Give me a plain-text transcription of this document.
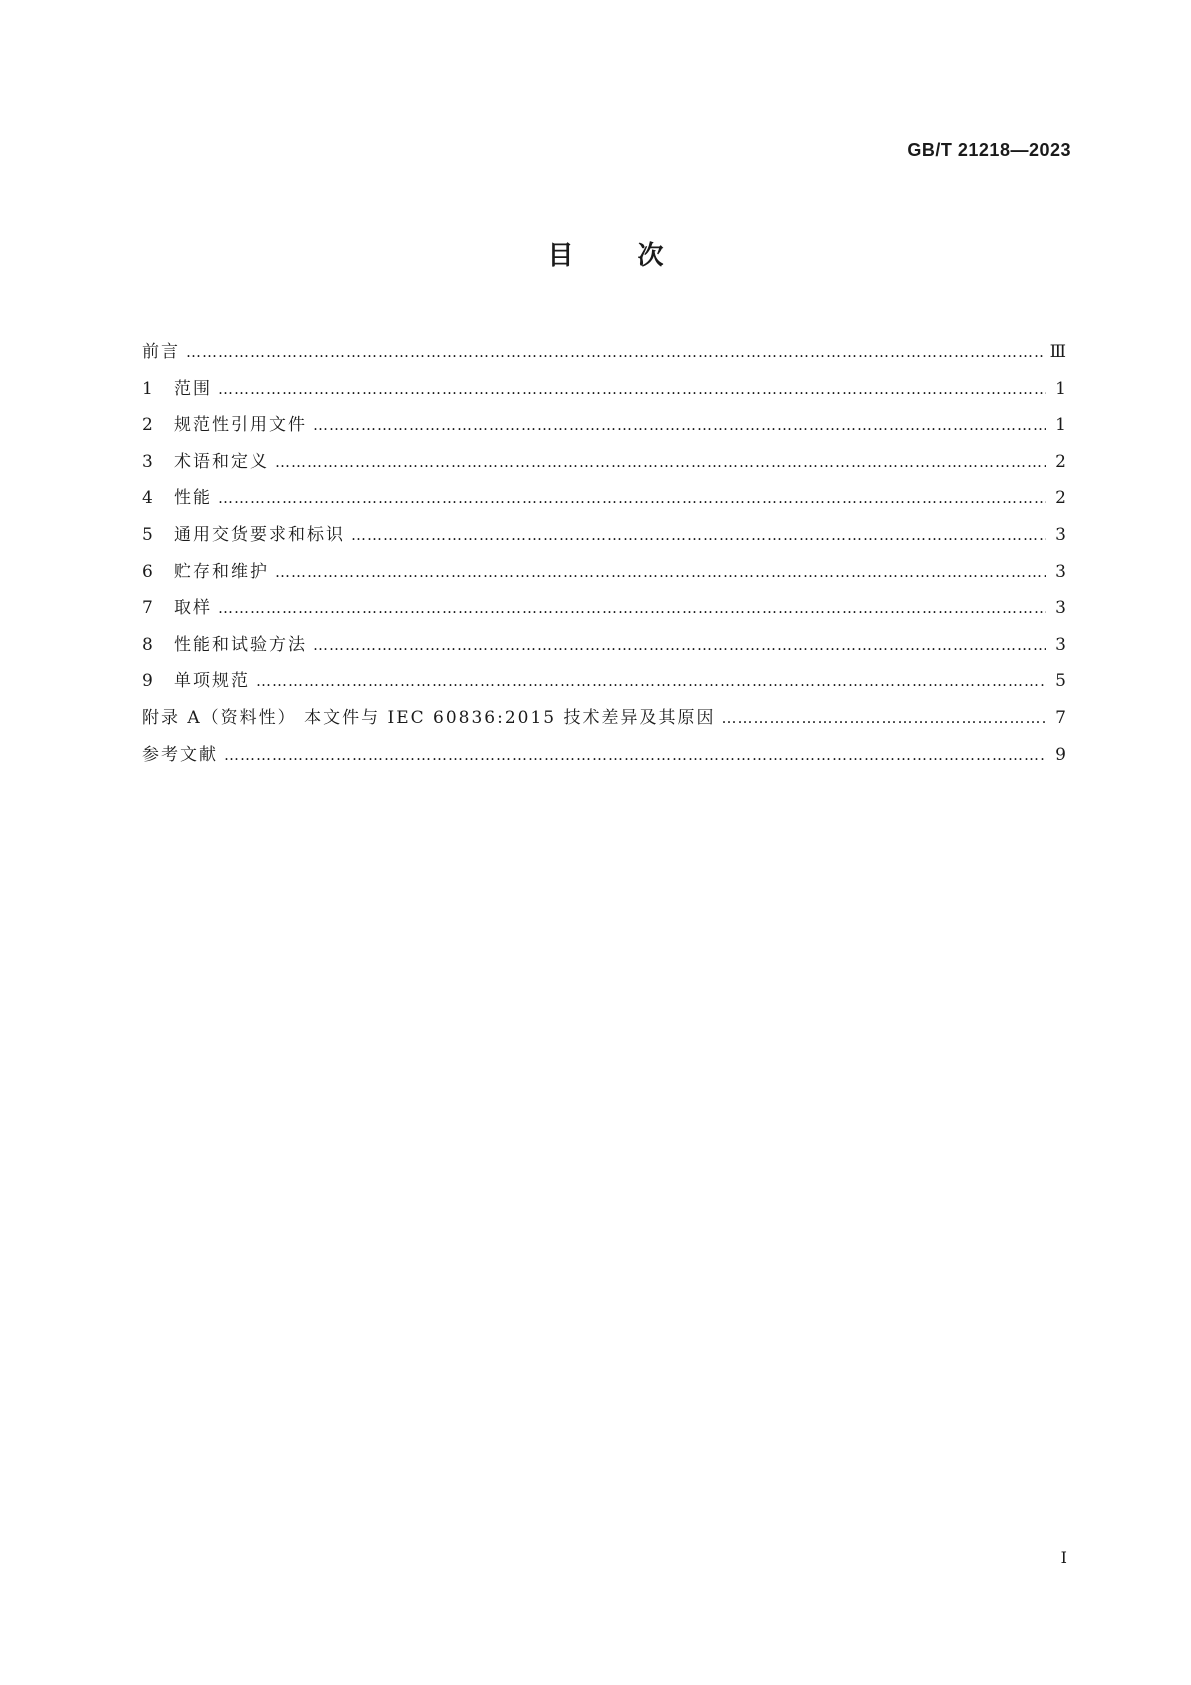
GB/T 21218—2023
目次
前言 …………………………………………………………………………………………………………………………………………………………………………	Ⅲ
1	范围 …………………………………………………………………………………………………………………………………………………………………………	1
2	规范性引用文件 …………………………………………………………………………………………………………………………………………………………………………	1
3	术语和定义 …………………………………………………………………………………………………………………………………………………………………………	2
4	性能 …………………………………………………………………………………………………………………………………………………………………………	2
5	通用交货要求和标识 …………………………………………………………………………………………………………………………………………………………………………	3
6	贮存和维护 …………………………………………………………………………………………………………………………………………………………………………	3
7	取样 …………………………………………………………………………………………………………………………………………………………………………	3
8	性能和试验方法 …………………………………………………………………………………………………………………………………………………………………………	3
9	单项规范 …………………………………………………………………………………………………………………………………………………………………………	5
附录 A（资料性） 本文件与 IEC 60836:2015 技术差异及其原因 …………………………………………………………………………………………………………………………………………………………………………	7
参考文献 …………………………………………………………………………………………………………………………………………………………………………	9
Ⅰ
